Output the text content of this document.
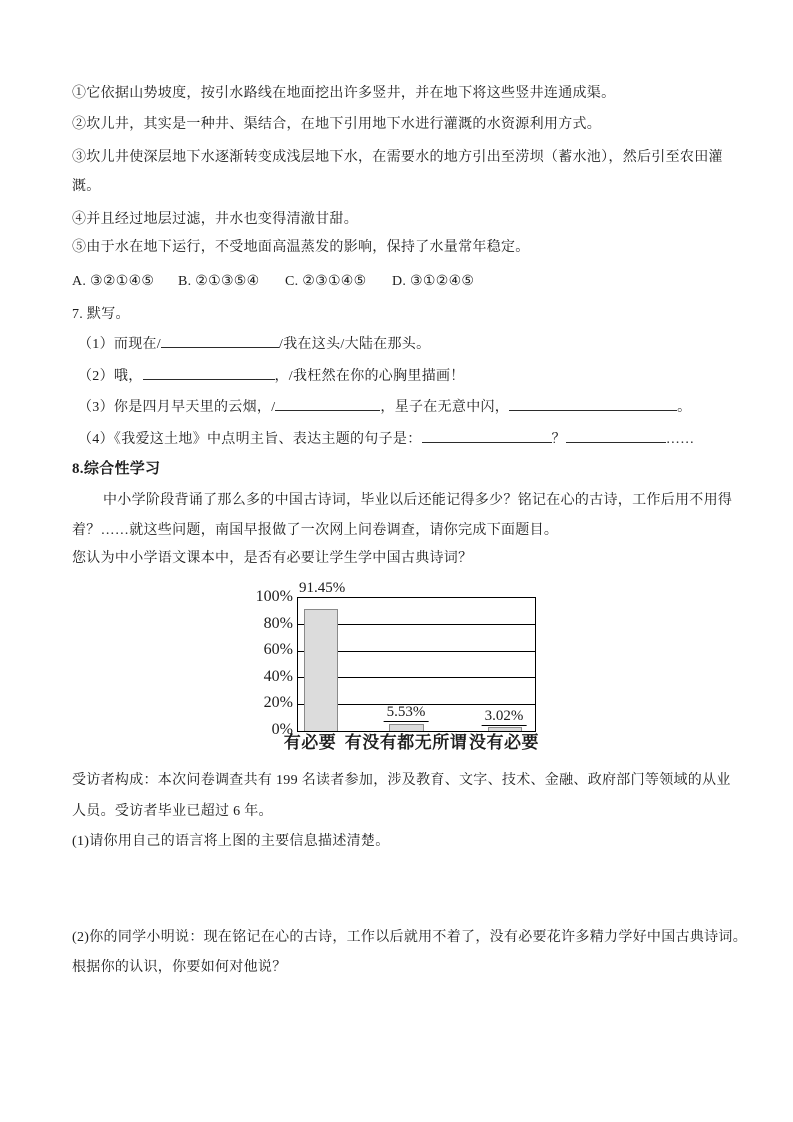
①它依据山势坡度，按引水路线在地面挖出许多竖井，并在地下将这些竖井连通成渠。
②坎儿井，其实是一种井、渠结合，在地下引用地下水进行灌溉的水资源利用方式。
③坎儿井使深层地下水逐渐转变成浅层地下水，在需要水的地方引出至涝坝（蓄水池），然后引至农田灌
溉。
④并且经过地层过滤，井水也变得清澈甘甜。
⑤由于水在地下运行，不受地面高温蒸发的影响，保持了水量常年稳定。
A. ③②①④⑤ B. ②①③⑤④ C. ②③①④⑤ D. ③①②④⑤
7. 默写。
（1）而现在/	/我在这头/大陆在那头。
（2）哦，	，/我枉然在你的心胸里描画！
（3）你是四月早天里的云烟，/	，星子在无意中闪，	。
（4）《我爱这土地》中点明主旨、表达主题的句子是：	？	……
8.综合性学习
中小学阶段背诵了那么多的中国古诗词，毕业以后还能记得多少？铭记在心的古诗，工作后用不用得
着？……就这些问题，南国早报做了一次网上问卷调查，请你完成下面题目。
您认为中小学语文课本中，是否有必要让学生学中国古典诗词？
100%
80%
60%
40%
20%
0%
91.45%
5.53%	3.02%
有必要 有没有都无所谓 没有必要
受访者构成：本次问卷调查共有 199 名读者参加，涉及教育、文字、技术、金融、政府部门等领域的从业
人员。受访者毕业已超过 6 年。
(1)请你用自己的语言将上图的主要信息描述清楚。
(2)你的同学小明说：现在铭记在心的古诗，工作以后就用不着了，没有必要花许多精力学好中国古典诗词。
根据你的认识，你要如何对他说？
